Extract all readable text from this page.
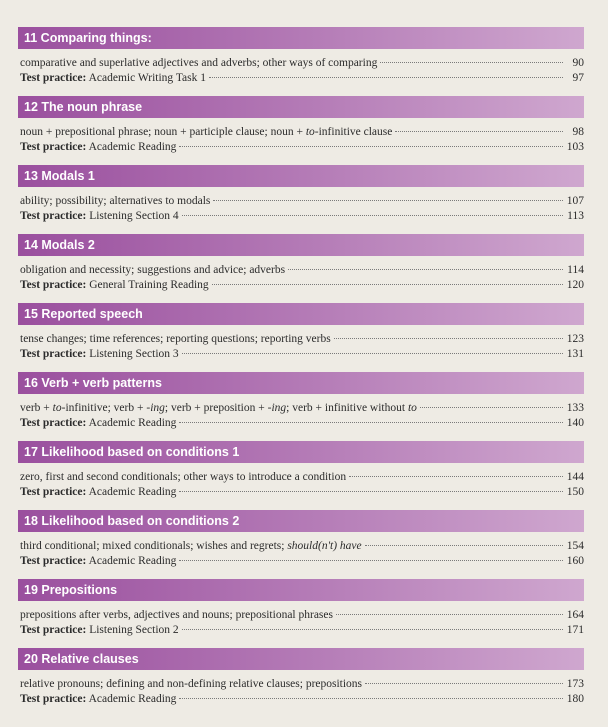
11 Comparing things:
comparative and superlative adjectives and adverbs; other ways of comparing	90
Test practice: Academic Writing Task 1	97
12 The noun phrase
noun + prepositional phrase; noun + participle clause; noun + to-infinitive clause	98
Test practice: Academic Reading	103
13 Modals 1
ability; possibility; alternatives to modals	107
Test practice: Listening Section 4	113
14 Modals 2
obligation and necessity; suggestions and advice; adverbs	114
Test practice: General Training Reading	120
15 Reported speech
tense changes; time references; reporting questions; reporting verbs	123
Test practice: Listening Section 3	131
16 Verb + verb patterns
verb + to-infinitive; verb + -ing; verb + preposition + -ing; verb + infinitive without to	133
Test practice: Academic Reading	140
17 Likelihood based on conditions 1
zero, first and second conditionals; other ways to introduce a condition	144
Test practice: Academic Reading	150
18 Likelihood based on conditions 2
third conditional; mixed conditionals; wishes and regrets; should(n't) have	154
Test practice: Academic Reading	160
19 Prepositions
prepositions after verbs, adjectives and nouns; prepositional phrases	164
Test practice: Listening Section 2	171
20 Relative clauses
relative pronouns; defining and non-defining relative clauses; prepositions	173
Test practice: Academic Reading	180
